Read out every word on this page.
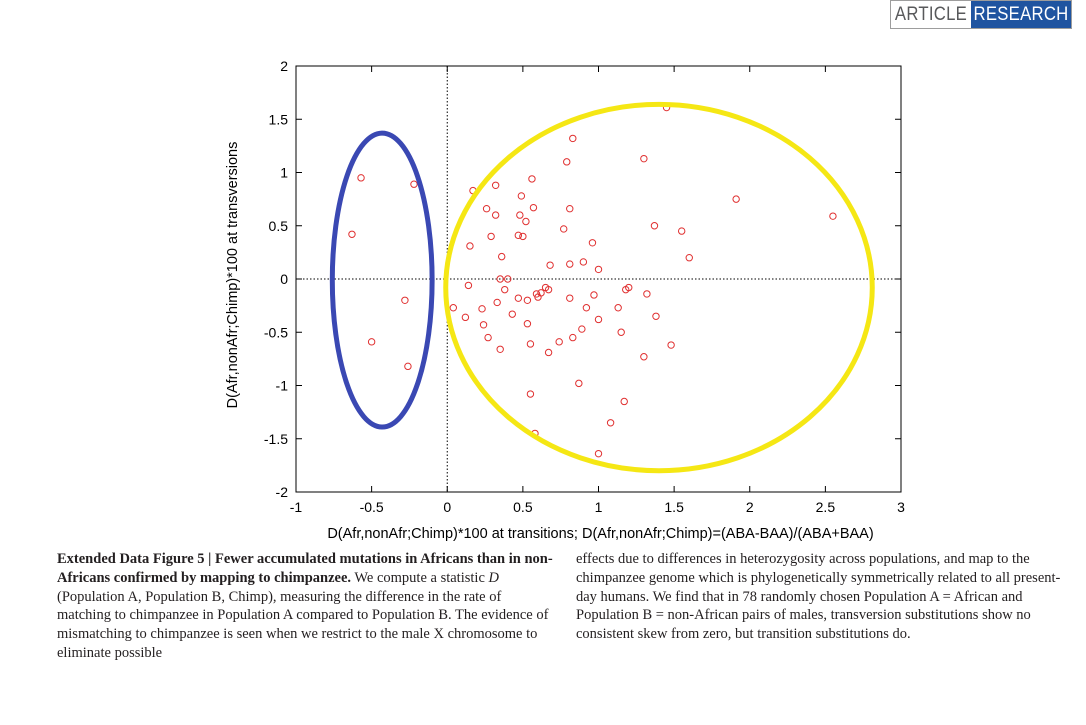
ARTICLE RESEARCH
-1	-0.5	0	0.5	1	1.5	2	2.5	3
-2
-1.5
-1
-0.5
0
0.5
1
1.5
2
D(Afr,nonAfr;Chimp)*100 at transitions; D(Afr,nonAfr;Chimp)=(ABA-BAA)/(ABA+BAA)
D(Afr,nonAfr;Chimp)*100 at transversions
Extended Data Figure 5 | Fewer accumulated mutations in Africans than in non-Africans confirmed by mapping to chimpanzee. We compute a statistic D (Population A, Population B, Chimp), measuring the difference in the rate of matching to chimpanzee in Population A compared to Population B. The evidence of mismatching to chimpanzee is seen when we restrict to the male X chromosome to eliminate possible
effects due to differences in heterozygosity across populations, and map to the chimpanzee genome which is phylogenetically symmetrically related to all present-day humans. We find that in 78 randomly chosen Population A = African and Population B = non-African pairs of males, transversion substitutions show no consistent skew from zero, but transition substitutions do.
